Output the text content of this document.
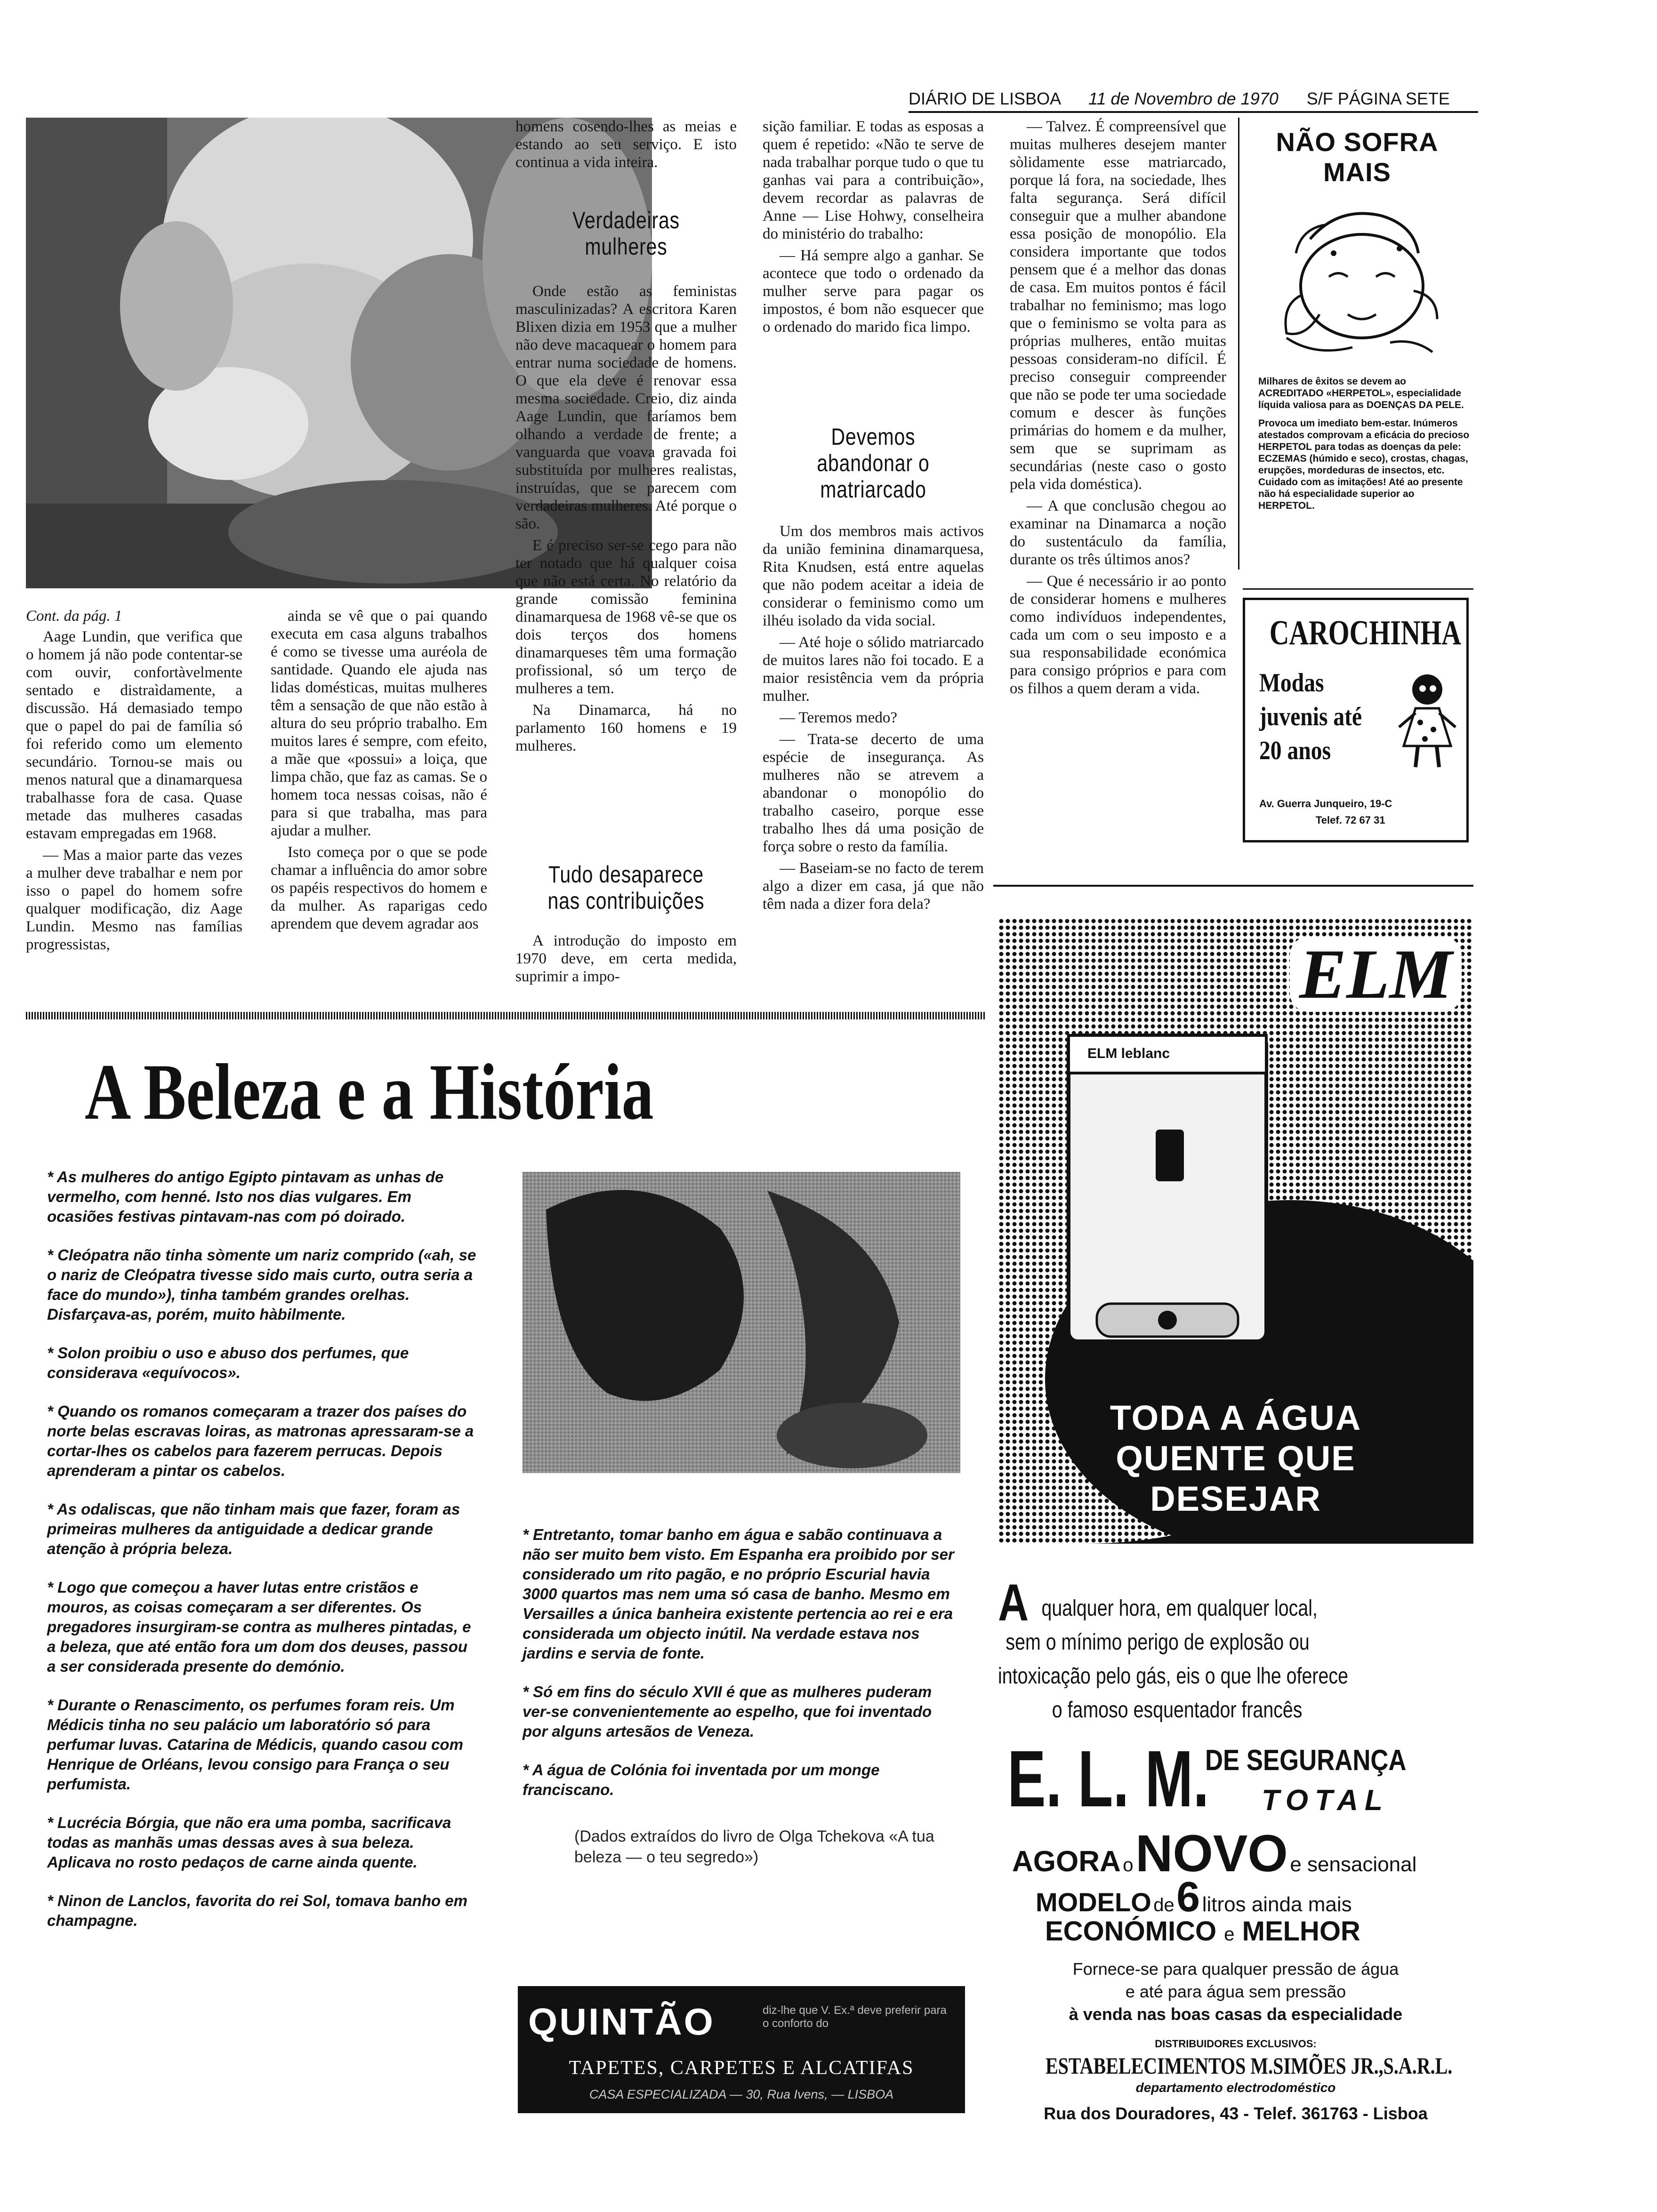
DIÁRIO DE LISBOA 11 de Novembro de 1970 S/F PÁGINA SETE
Cont. da pág. 1

Aage Lundin, que verifica que o homem já não pode contentar-se com ouvir, confortàvelmente sentado e distraìdamente, a discussão. Há demasiado tempo que o papel do pai de família só foi referido como um elemento secundário. Tornou-se mais ou menos natural que a dinamarquesa trabalhasse fora de casa. Quase metade das mulheres casadas estavam empregadas em 1968.

— Mas a maior parte das vezes a mulher deve trabalhar e nem por isso o papel do homem sofre qualquer modificação, diz Aage Lundin. Mesmo nas famílias progressistas,

ainda se vê que o pai quando executa em casa alguns trabalhos é como se tivesse uma auréola de santidade. Quando ele ajuda nas lidas domésticas, muitas mulheres têm a sensação de que não estão à altura do seu próprio trabalho. Em muitos lares é sempre, com efeito, a mãe que «possui» a loiça, que limpa chão, que faz as camas. Se o homem toca nessas coisas, não é para si que trabalha, mas para ajudar a mulher.

Isto começa por o que se pode chamar a influência do amor sobre os papéis respectivos do homem e da mulher. As raparigas cedo aprendem que devem agradar aos

homens cosendo-lhes as meias e estando ao seu serviço. E isto continua a vida inteira.

Verdadeiras mulheres

Onde estão as feministas masculinizadas? A escritora Karen Blixen dizia em 1953 que a mulher não deve macaquear o homem para entrar numa sociedade de homens. O que ela deve é renovar essa mesma sociedade. Creio, diz ainda Aage Lundin, que faríamos bem olhando a verdade de frente; a vanguarda que voava gravada foi substituída por mulheres realistas, instruídas, que se parecem com verdadeiras mulheres. Até porque o são.

E é preciso ser-se cego para não ter notado que há qualquer coisa que não está certa. No relatório da grande comissão feminina dinamarquesa de 1968 vê-se que os dois terços dos homens dinamarqueses têm uma formação profissional, só um terço de mulheres a tem.

Na Dinamarca, há no parlamento 160 homens e 19 mulheres.

Tudo desaparece nas contribuições

A introdução do imposto em 1970 deve, em certa medida, suprimir a impo-

sição familiar. E todas as esposas a quem é repetido: «Não te serve de nada trabalhar porque tudo o que tu ganhas vai para a contribuição», devem recordar as palavras de Anne — Lise Hohwy, conselheira do ministério do trabalho:

— Há sempre algo a ganhar. Se acontece que todo o ordenado da mulher serve para pagar os impostos, é bom não esquecer que o ordenado do marido fica limpo.

Devemos abandonar o matriarcado

Um dos membros mais activos da união feminina dinamarquesa, Rita Knudsen, está entre aquelas que não podem aceitar a ideia de considerar o feminismo como um ilhéu isolado da vida social.

— Até hoje o sólido matriarcado de muitos lares não foi tocado. E a maior resistência vem da própria mulher.

— Teremos medo?

— Trata-se decerto de uma espécie de insegurança. As mulheres não se atrevem a abandonar o monopólio do trabalho caseiro, porque esse trabalho lhes dá uma posição de força sobre o resto da família.

— Baseiam-se no facto de terem algo a dizer em casa, já que não têm nada a dizer fora dela?

— Talvez. É compreensível que muitas mulheres desejem manter sòlidamente esse matriarcado, porque lá fora, na sociedade, lhes falta segurança. Será difícil conseguir que a mulher abandone essa posição de monopólio. Ela considera importante que todos pensem que é a melhor das donas de casa. Em muitos pontos é fácil trabalhar no feminismo; mas logo que o feminismo se volta para as próprias mulheres, então muitas pessoas consideram-no difícil. É preciso conseguir compreender que não se pode ter uma sociedade comum e descer às funções primárias do homem e da mulher, sem que se suprimam as secundárias (neste caso o gosto pela vida doméstica).

— A que conclusão chegou ao examinar na Dinamarca a noção do sustentáculo da família, durante os três últimos anos?

— Que é necessário ir ao ponto de considerar homens e mulheres como indivíduos independentes, cada um com o seu imposto e a sua responsabilidade económica para consigo próprios e para com os filhos a quem deram a vida.

NÃO SOFRA MAIS
Milhares de êxitos se devem ao ACREDITADO «HERPETOL», especialidade líquida valiosa para as DOENÇAS DA PELE.
Provoca um imediato bem-estar. Inúmeros atestados comprovam a eficácia do precioso HERPETOL para todas as doenças da pele: ECZEMAS (húmido e seco), crostas, chagas, erupções, mordeduras de insectos, etc. Cuidado com as imitações! Até ao presente não há especialidade superior ao HERPETOL.
CAROCHINHA
Modas
juvenis até
20 anos
Av. Guerra Junqueiro, 19-C
Telef. 72 67 31
A Beleza e a História

* As mulheres do antigo Egipto pintavam as unhas de vermelho, com henné. Isto nos dias vulgares. Em ocasiões festivas pintavam-nas com pó doirado.

* Cleópatra não tinha sòmente um nariz comprido («ah, se o nariz de Cleópatra tivesse sido mais curto, outra seria a face do mundo»), tinha também grandes orelhas. Disfarçava-as, porém, muito hàbilmente.

* Solon proibiu o uso e abuso dos perfumes, que considerava «equívocos».

* Quando os romanos começaram a trazer dos países do norte belas escravas loiras, as matronas apressaram-se a cortar-lhes os cabelos para fazerem perrucas. Depois aprenderam a pintar os cabelos.

* As odaliscas, que não tinham mais que fazer, foram as primeiras mulheres da antiguidade a dedicar grande atenção à própria beleza.

* Logo que começou a haver lutas entre cristãos e mouros, as coisas começaram a ser diferentes. Os pregadores insurgiram-se contra as mulheres pintadas, e a beleza, que até então fora um dom dos deuses, passou a ser considerada presente do demónio.

* Durante o Renascimento, os perfumes foram reis. Um Médicis tinha no seu palácio um laboratório só para perfumar luvas. Catarina de Médicis, quando casou com Henrique de Orléans, levou consigo para França o seu perfumista.

* Lucrécia Bórgia, que não era uma pomba, sacrificava todas as manhãs umas dessas aves à sua beleza. Aplicava no rosto pedaços de carne ainda quente.

* Ninon de Lanclos, favorita do rei Sol, tomava banho em champagne.

* Entretanto, tomar banho em água e sabão continuava a não ser muito bem visto. Em Espanha era proibido por ser considerado um rito pagão, e no próprio Escurial havia 3000 quartos mas nem uma só casa de banho. Mesmo em Versailles a única banheira existente pertencia ao rei e era considerada um objecto inútil. Na verdade estava nos jardins e servia de fonte.

* Só em fins do século XVII é que as mulheres puderam ver-se convenientemente ao espelho, que foi inventado por alguns artesãos de Veneza.

* A água de Colónia foi inventada por um monge franciscano.

(Dados extraídos do livro de Olga Tchekova «A tua beleza — o teu segredo»)
QUINTÃO	diz-lhe que V. Ex.ª deve preferir para o conforto do
TAPETES, CARPETES E ALCATIFAS
CASA ESPECIALIZADA — 30, Rua Ivens, — LISBOA
ELM
ELM leblanc
TODA A ÁGUA
QUENTE QUE
DESEJAR
A qualquer hora, em qualquer local,
sem o mínimo perigo de explosão ou
intoxicação pelo gás, eis o que lhe oferece
o famoso esquentador francês
E. L. M.
DE SEGURANÇA
TOTAL
AGORA o NOVO e sensacional
MODELO de 6 litros ainda mais
ECONÓMICO e MELHOR
Fornece-se para qualquer pressão de água
e até para água sem pressão
à venda nas boas casas da especialidade
DISTRIBUIDORES EXCLUSIVOS:
ESTABELECIMENTOS M.SIMÕES JR.,S.A.R.L.
departamento electrodoméstico
Rua dos Douradores, 43 - Telef. 361763 - Lisboa
